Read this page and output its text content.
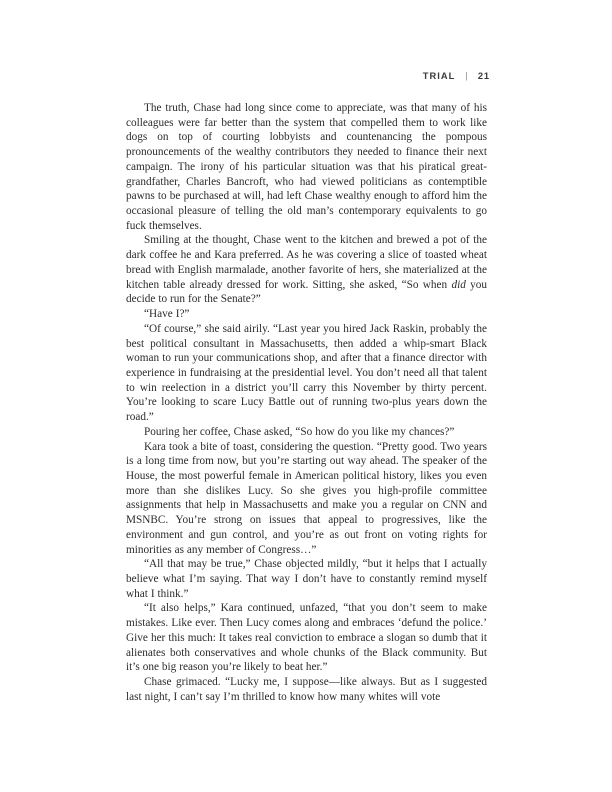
TRIAL | 21

The truth, Chase had long since come to appreciate, was that many of his colleagues were far better than the system that compelled them to work like dogs on top of courting lobbyists and countenancing the pompous pronouncements of the wealthy contributors they needed to finance their next campaign. The irony of his particular situation was that his piratical great-grandfather, Charles Bancroft, who had viewed politicians as contemptible pawns to be purchased at will, had left Chase wealthy enough to afford him the occasional pleasure of telling the old man’s contemporary equivalents to go fuck themselves.

Smiling at the thought, Chase went to the kitchen and brewed a pot of the dark coffee he and Kara preferred. As he was covering a slice of toasted wheat bread with English marmalade, another favorite of hers, she materialized at the kitchen table already dressed for work. Sitting, she asked, “So when did you decide to run for the Senate?”

“Have I?”

“Of course,” she said airily. “Last year you hired Jack Raskin, probably the best political consultant in Massachusetts, then added a whip-smart Black woman to run your communications shop, and after that a finance director with experience in fundraising at the presidential level. You don’t need all that talent to win reelection in a district you’ll carry this November by thirty percent. You’re looking to scare Lucy Battle out of running two-plus years down the road.”

Pouring her coffee, Chase asked, “So how do you like my chances?”

Kara took a bite of toast, considering the question. “Pretty good. Two years is a long time from now, but you’re starting out way ahead. The speaker of the House, the most powerful female in American political history, likes you even more than she dislikes Lucy. So she gives you high-profile committee assignments that help in Massachusetts and make you a regular on CNN and MSNBC. You’re strong on issues that appeal to progressives, like the environment and gun control, and you’re as out front on voting rights for minorities as any member of Congress…”

“All that may be true,” Chase objected mildly, “but it helps that I actually believe what I’m saying. That way I don’t have to constantly remind myself what I think.”

“It also helps,” Kara continued, unfazed, “that you don’t seem to make mistakes. Like ever. Then Lucy comes along and embraces ‘defund the police.’ Give her this much: It takes real conviction to embrace a slogan so dumb that it alienates both conservatives and whole chunks of the Black community. But it’s one big reason you’re likely to beat her.”

Chase grimaced. “Lucky me, I suppose—like always. But as I suggested last night, I can’t say I’m thrilled to know how many whites will vote
